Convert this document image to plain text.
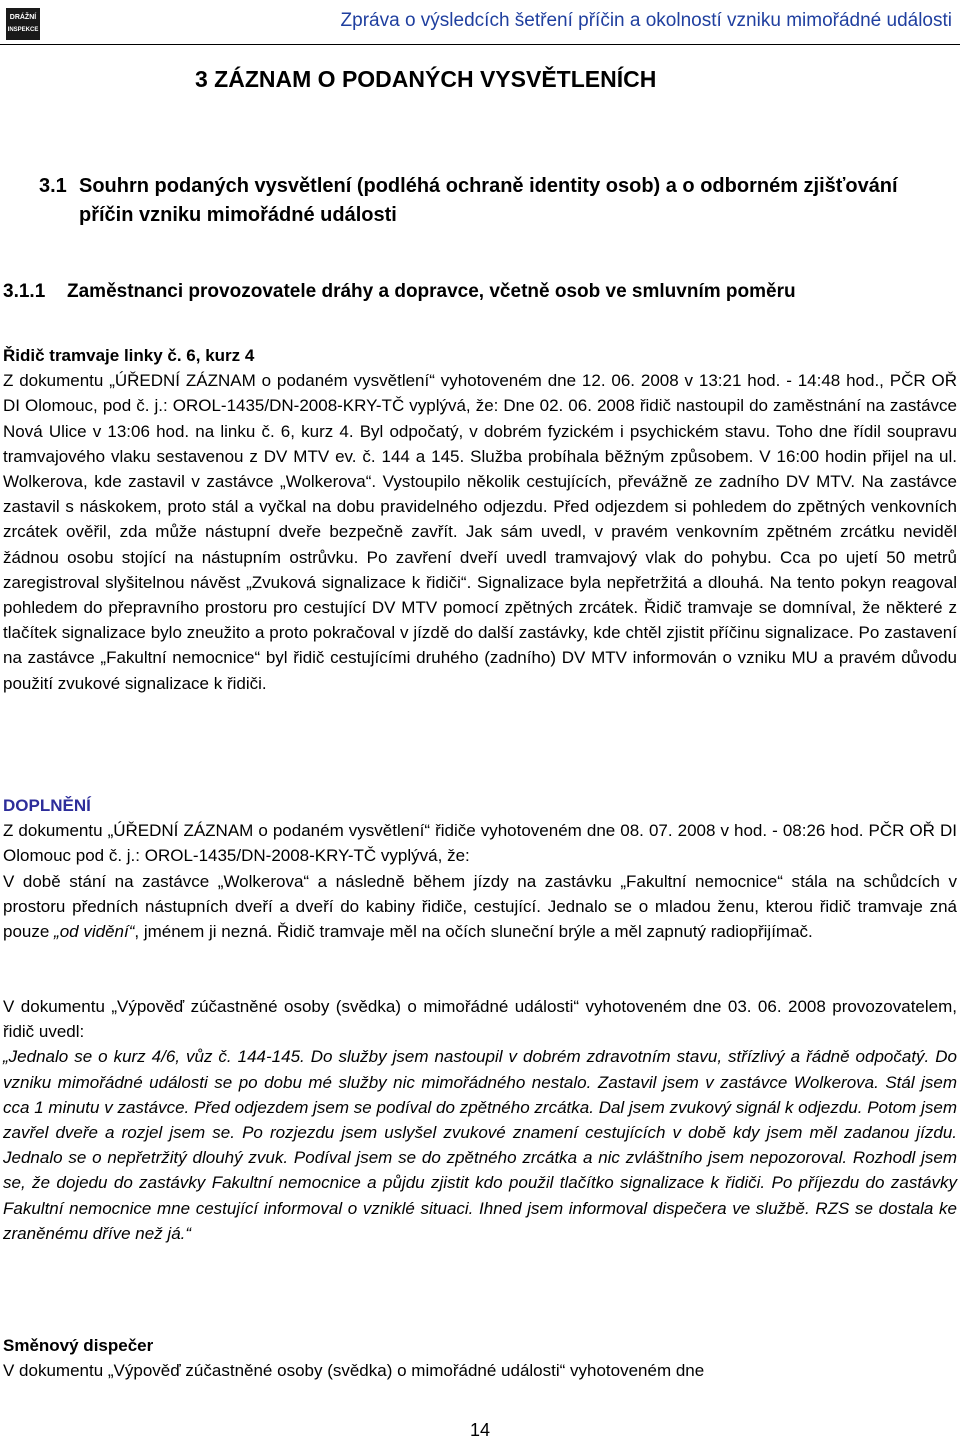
DRÁŽNÍ
INSPEKCE	Zpráva o výsledcích šetření příčin a okolností vzniku mimořádné události
3 ZÁZNAM O PODANÝCH VYSVĚTLENÍCH
3.1 Souhrn podaných vysvětlení (podléhá ochraně identity osob) a o odborném zjišťování příčin vzniku mimořádné události
3.1.1	Zaměstnanci provozovatele dráhy a dopravce, včetně osob ve smluvním poměru
Řidič tramvaje linky č. 6, kurz 4

Z dokumentu „ÚŘEDNÍ ZÁZNAM o podaném vysvětlení“ vyhotoveném dne 12. 06. 2008 v 13:21 hod. - 14:48 hod., PČR OŘ DI Olomouc, pod č. j.: OROL-1435/DN-2008-KRY-TČ vyplývá, že: Dne 02. 06. 2008 řidič nastoupil do zaměstnání na zastávce Nová Ulice v 13:06 hod. na linku č. 6, kurz 4. Byl odpočatý, v dobrém fyzickém i psychickém stavu. Toho dne řídil soupravu tramvajového vlaku sestavenou z DV MTV ev. č. 144 a 145. Služba probíhala běžným způsobem. V 16:00 hodin přijel na ul. Wolkerova, kde zastavil v zastávce „Wolkerova“. Vystoupilo několik cestujících, převážně ze zadního DV MTV. Na zastávce zastavil s náskokem, proto stál a vyčkal na dobu pravidelného odjezdu. Před odjezdem si pohledem do zpětných venkovních zrcátek ověřil, zda může nástupní dveře bezpečně zavřít. Jak sám uvedl, v pravém venkovním zpětném zrcátku neviděl žádnou osobu stojící na nástupním ostrůvku. Po zavření dveří uvedl tramvajový vlak do pohybu. Cca po ujetí 50 metrů zaregistroval slyšitelnou návěst „Zvuková signalizace k řidiči“. Signalizace byla nepřetržitá a dlouhá. Na tento pokyn reagoval pohledem do přepravního prostoru pro cestující DV MTV pomocí zpětných zrcátek. Řidič tramvaje se domníval, že některé z tlačítek signalizace bylo zneužito a proto pokračoval v jízdě do další zastávky, kde chtěl zjistit příčinu signalizace. Po zastavení na zastávce „Fakultní nemocnice“ byl řidič cestujícími druhého (zadního) DV MTV informován o vzniku MU a pravém důvodu použití zvukové signalizace k řidiči.

DOPLNĚNÍ

Z dokumentu „ÚŘEDNÍ ZÁZNAM o podaném vysvětlení“ řidiče vyhotoveném dne 08. 07. 2008 v hod. - 08:26 hod. PČR OŘ DI Olomouc pod č. j.: OROL-1435/DN-2008-KRY-TČ vyplývá, že:

V době stání na zastávce „Wolkerova“ a následně během jízdy na zastávku „Fakultní nemocnice“ stála na schůdcích v prostoru předních nástupních dveří a dveří do kabiny řidiče, cestující. Jednalo se o mladou ženu, kterou řidič tramvaje zná pouze „od vidění“, jménem ji nezná. Řidič tramvaje měl na očích sluneční brýle a měl zapnutý radiopřijímač.

V dokumentu „Výpověď zúčastněné osoby (svědka) o mimořádné události“ vyhotoveném dne 03. 06. 2008 provozovatelem, řidič uvedl:

„Jednalo se o kurz 4/6, vůz č. 144-145. Do služby jsem nastoupil v dobrém zdravotním stavu, střízlivý a řádně odpočatý. Do vzniku mimořádné události se po dobu mé služby nic mimořádného nestalo. Zastavil jsem v zastávce Wolkerova. Stál jsem cca 1 minutu v zastávce. Před odjezdem jsem se podíval do zpětného zrcátka. Dal jsem zvukový signál k odjezdu. Potom jsem zavřel dveře a rozjel jsem se. Po rozjezdu jsem uslyšel zvukové znamení cestujících v době kdy jsem měl zadanou jízdu. Jednalo se o nepřetržitý dlouhý zvuk. Podíval jsem se do zpětného zrcátka a nic zvláštního jsem nepozoroval. Rozhodl jsem se, že dojedu do zastávky Fakultní nemocnice a půjdu zjistit kdo použil tlačítko signalizace k řidiči. Po příjezdu do zastávky Fakultní nemocnice mne cestující informoval o vzniklé situaci. Ihned jsem informoval dispečera ve službě. RZS se dostala ke zraněnému dříve než já.“

Směnový dispečer

V dokumentu „Výpověď zúčastněné osoby (svědka) o mimořádné události“ vyhotoveném dne

14
